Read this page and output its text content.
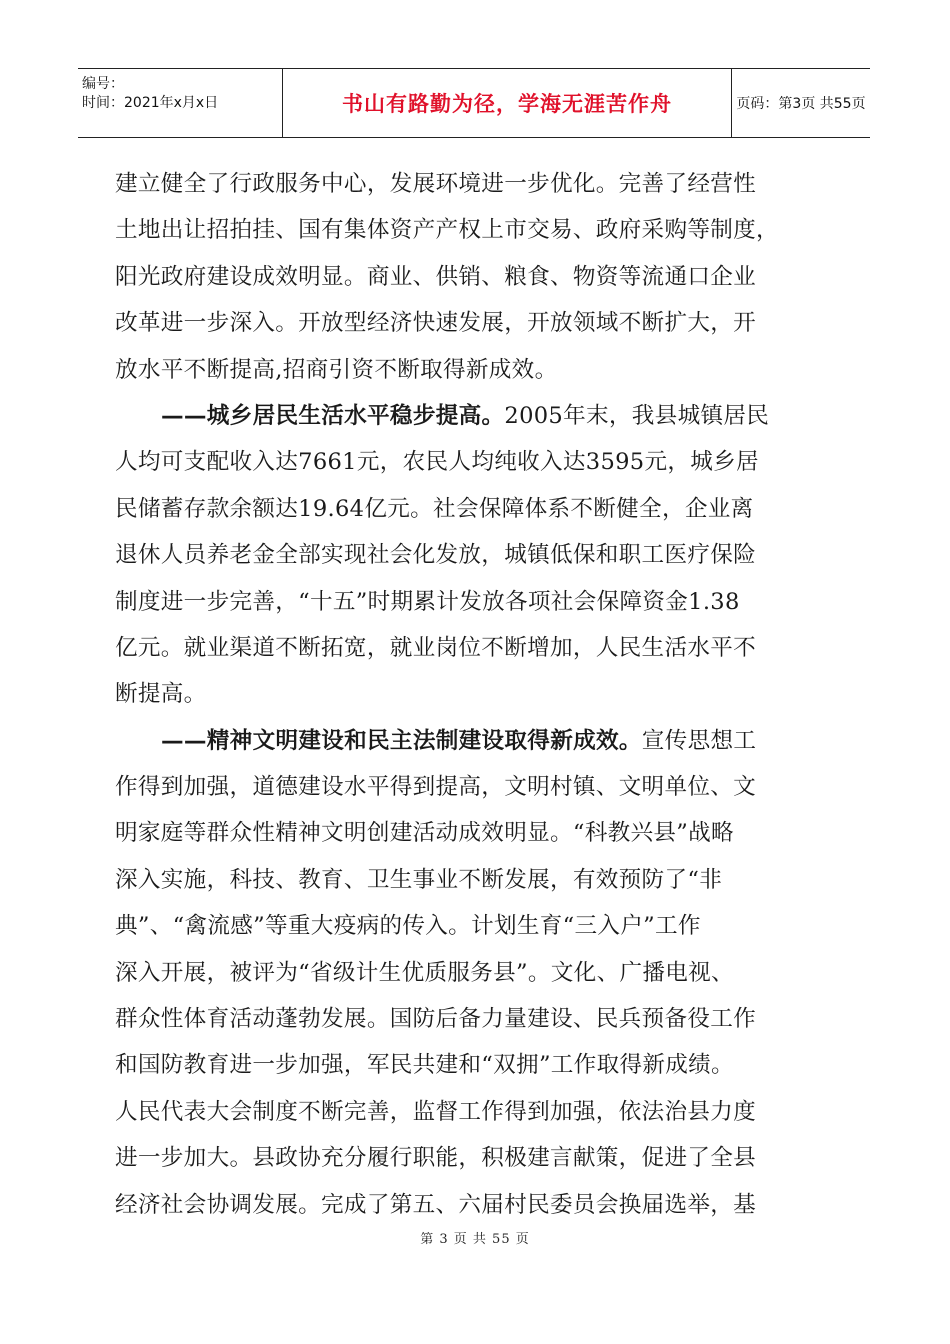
编号：
时间：2021年x月x日	书山有路勤为径，学海无涯苦作舟	页码：第3页 共55页
建立健全了行政服务中心，发展环境进一步优化。完善了经营性
土地出让招拍挂、国有集体资产产权上市交易、政府采购等制度，
阳光政府建设成效明显。商业、供销、粮食、物资等流通口企业
改革进一步深入。开放型经济快速发展，开放领域不断扩大，开
放水平不断提高,招商引资不断取得新成效。
——城乡居民生活水平稳步提高。2005年末，我县城镇居民
人均可支配收入达7661元，农民人均纯收入达3595元，城乡居
民储蓄存款余额达19.64亿元。社会保障体系不断健全，企业离
退休人员养老金全部实现社会化发放，城镇低保和职工医疗保险
制度进一步完善，“十五”时期累计发放各项社会保障资金1.38
亿元。就业渠道不断拓宽，就业岗位不断增加，人民生活水平不
断提高。
——精神文明建设和民主法制建设取得新成效。宣传思想工
作得到加强，道德建设水平得到提高，文明村镇、文明单位、文
明家庭等群众性精神文明创建活动成效明显。“科教兴县”战略
深入实施，科技、教育、卫生事业不断发展，有效预防了“非
典”、“禽流感”等重大疫病的传入。计划生育“三入户”工作
深入开展，被评为“省级计生优质服务县”。文化、广播电视、
群众性体育活动蓬勃发展。国防后备力量建设、民兵预备役工作
和国防教育进一步加强，军民共建和“双拥”工作取得新成绩。
人民代表大会制度不断完善，监督工作得到加强，依法治县力度
进一步加大。县政协充分履行职能，积极建言献策，促进了全县
经济社会协调发展。完成了第五、六届村民委员会换届选举，基
第 3 页 共 55 页
